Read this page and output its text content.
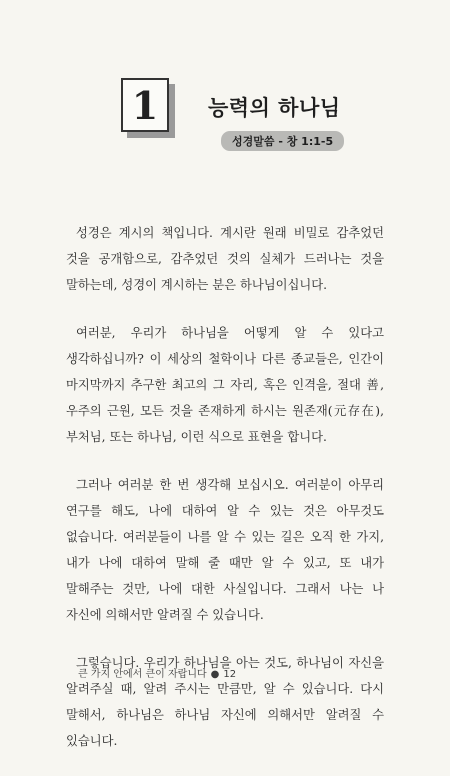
1	능력의 하나님
성경말씀 - 창 1:1-5

성경은 계시의 책입니다. 계시란 원래 비밀로 감추었던 것을 공개함으로, 감추었던 것의 실체가 드러나는 것을 말하는데, 성경이 계시하는 분은 하나님이십니다.

여러분, 우리가 하나님을 어떻게 알 수 있다고 생각하십니까? 이 세상의 철학이나 다른 종교들은, 인간이 마지막까지 추구한 최고의 그 자리, 혹은 인격을, 절대 善, 우주의 근원, 모든 것을 존재하게 하시는 원존재(元存在), 부처님, 또는 하나님, 이런 식으로 표현을 합니다.

그러나 여러분 한 번 생각해 보십시오. 여러분이 아무리 연구를 해도, 나에 대하여 알 수 있는 것은 아무것도 없습니다. 여러분들이 나를 알 수 있는 길은 오직 한 가지, 내가 나에 대하여 말해 줄 때만 알 수 있고, 또 내가 말해주는 것만, 나에 대한 사실입니다. 그래서 나는 나 자신에 의해서만 알려질 수 있습니다.

그렇습니다. 우리가 하나님을 아는 것도, 하나님이 자신을 알려주실 때, 알려 주시는 만큼만, 알 수 있습니다. 다시 말해서, 하나님은 하나님 자신에 의해서만 알려질 수 있습니다.

큰 가지 안에서 큰이 자랍니다 ● 12
